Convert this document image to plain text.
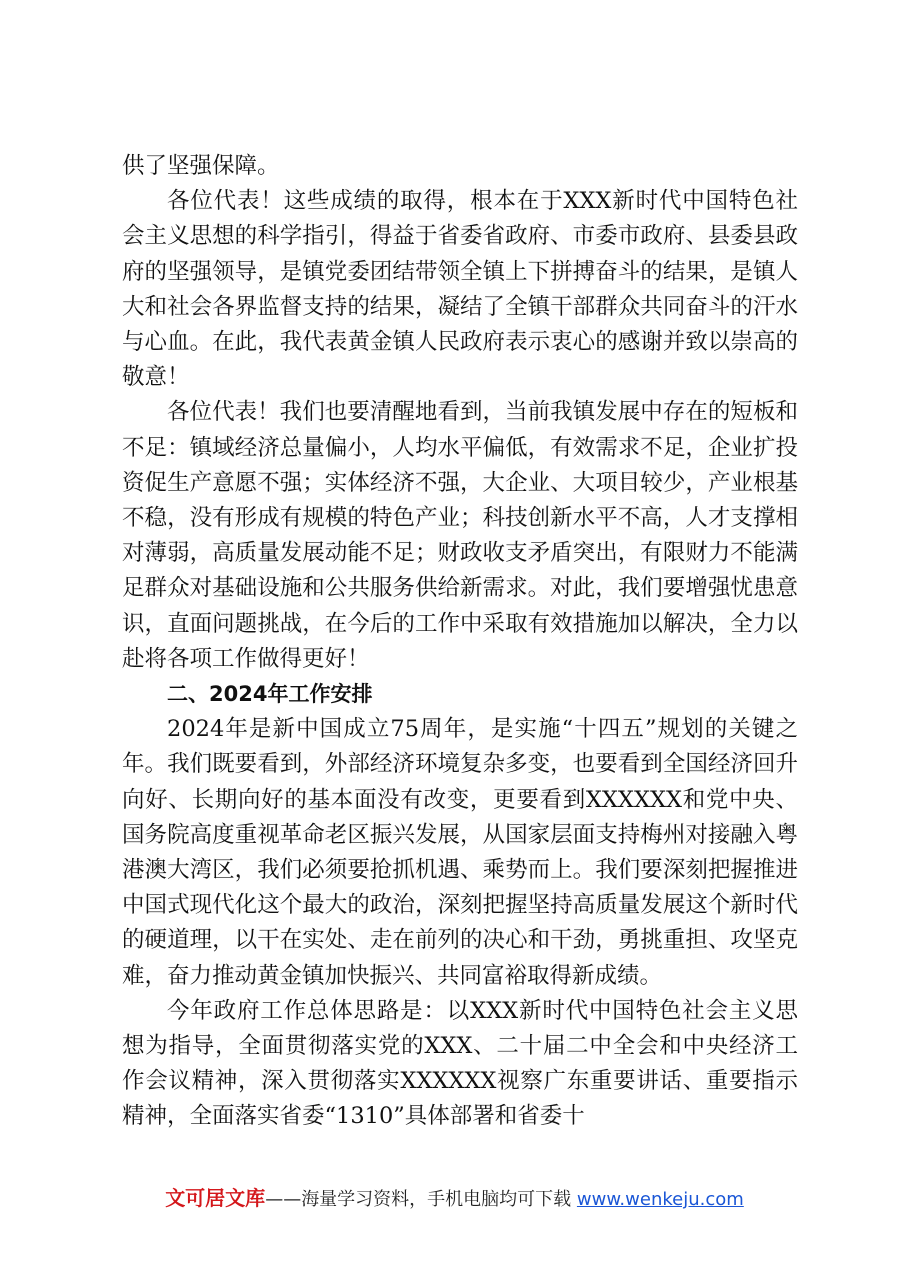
供了坚强保障。

各位代表！这些成绩的取得，根本在于XXX新时代中国特色社会主义思想的科学指引，得益于省委省政府、市委市政府、县委县政府的坚强领导，是镇党委团结带领全镇上下拼搏奋斗的结果，是镇人大和社会各界监督支持的结果，凝结了全镇干部群众共同奋斗的汗水与心血。在此，我代表黄金镇人民政府表示衷心的感谢并致以崇高的敬意！

各位代表！我们也要清醒地看到，当前我镇发展中存在的短板和不足：镇域经济总量偏小，人均水平偏低，有效需求不足，企业扩投资促生产意愿不强；实体经济不强，大企业、大项目较少，产业根基不稳，没有形成有规模的特色产业；科技创新水平不高，人才支撑相对薄弱，高质量发展动能不足；财政收支矛盾突出，有限财力不能满足群众对基础设施和公共服务供给新需求。对此，我们要增强忧患意识，直面问题挑战，在今后的工作中采取有效措施加以解决，全力以赴将各项工作做得更好！

二、2024年工作安排

2024年是新中国成立75周年，是实施“十四五”规划的关键之年。我们既要看到，外部经济环境复杂多变，也要看到全国经济回升向好、长期向好的基本面没有改变，更要看到XXXXXX和党中央、国务院高度重视革命老区振兴发展，从国家层面支持梅州对接融入粤港澳大湾区，我们必须要抢抓机遇、乘势而上。我们要深刻把握推进中国式现代化这个最大的政治，深刻把握坚持高质量发展这个新时代的硬道理，以干在实处、走在前列的决心和干劲，勇挑重担、攻坚克难，奋力推动黄金镇加快振兴、共同富裕取得新成绩。

今年政府工作总体思路是：以XXX新时代中国特色社会主义思想为指导，全面贯彻落实党的XXX、二十届二中全会和中央经济工作会议精神，深入贯彻落实XXXXXX视察广东重要讲话、重要指示精神，全面落实省委“1310”具体部署和省委十

文可居文库——海量学习资料，手机电脑均可下载 www.wenkeju.com
